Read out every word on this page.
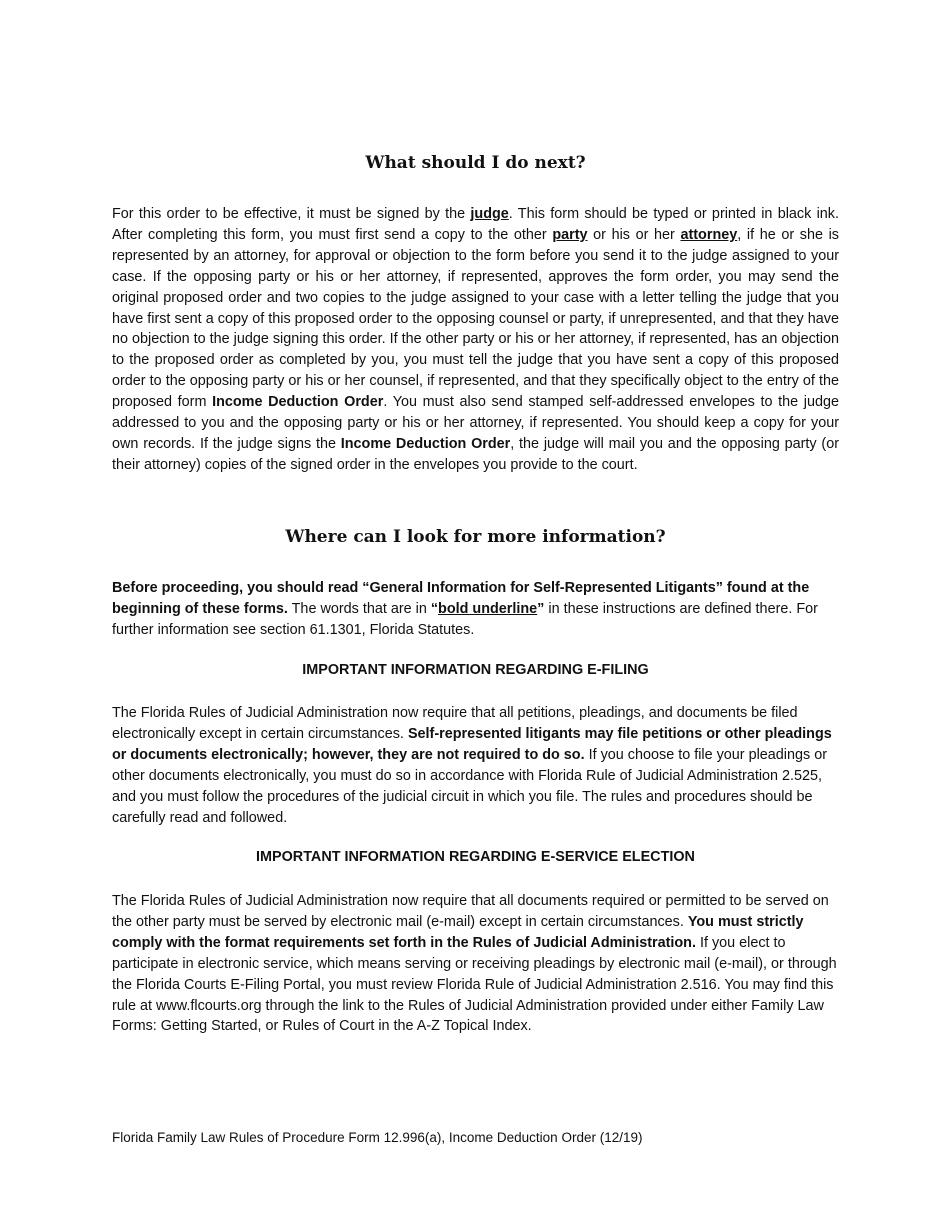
What should I do next?

For this order to be effective, it must be signed by the judge. This form should be typed or printed in black ink. After completing this form, you must first send a copy to the other party or his or her attorney, if he or she is represented by an attorney, for approval or objection to the form before you send it to the judge assigned to your case. If the opposing party or his or her attorney, if represented, approves the form order, you may send the original proposed order and two copies to the judge assigned to your case with a letter telling the judge that you have first sent a copy of this proposed order to the opposing counsel or party, if unrepresented, and that they have no objection to the judge signing this order. If the other party or his or her attorney, if represented, has an objection to the proposed order as completed by you, you must tell the judge that you have sent a copy of this proposed order to the opposing party or his or her counsel, if represented, and that they specifically object to the entry of the proposed form Income Deduction Order. You must also send stamped self-addressed envelopes to the judge addressed to you and the opposing party or his or her attorney, if represented. You should keep a copy for your own records. If the judge signs the Income Deduction Order, the judge will mail you and the opposing party (or their attorney) copies of the signed order in the envelopes you provide to the court.

Where can I look for more information?

Before proceeding, you should read “General Information for Self-Represented Litigants” found at the beginning of these forms. The words that are in “bold underline” in these instructions are defined there. For further information see section 61.1301, Florida Statutes.

IMPORTANT INFORMATION REGARDING E-FILING

The Florida Rules of Judicial Administration now require that all petitions, pleadings, and documents be filed electronically except in certain circumstances. Self-represented litigants may file petitions or other pleadings or documents electronically; however, they are not required to do so. If you choose to file your pleadings or other documents electronically, you must do so in accordance with Florida Rule of Judicial Administration 2.525, and you must follow the procedures of the judicial circuit in which you file. The rules and procedures should be carefully read and followed.

IMPORTANT INFORMATION REGARDING E-SERVICE ELECTION

The Florida Rules of Judicial Administration now require that all documents required or permitted to be served on the other party must be served by electronic mail (e-mail) except in certain circumstances. You must strictly comply with the format requirements set forth in the Rules of Judicial Administration. If you elect to participate in electronic service, which means serving or receiving pleadings by electronic mail (e-mail), or through the Florida Courts E-Filing Portal, you must review Florida Rule of Judicial Administration 2.516. You may find this rule at www.flcourts.org through the link to the Rules of Judicial Administration provided under either Family Law Forms: Getting Started, or Rules of Court in the A-Z Topical Index.

Florida Family Law Rules of Procedure Form 12.996(a), Income Deduction Order (12/19)
